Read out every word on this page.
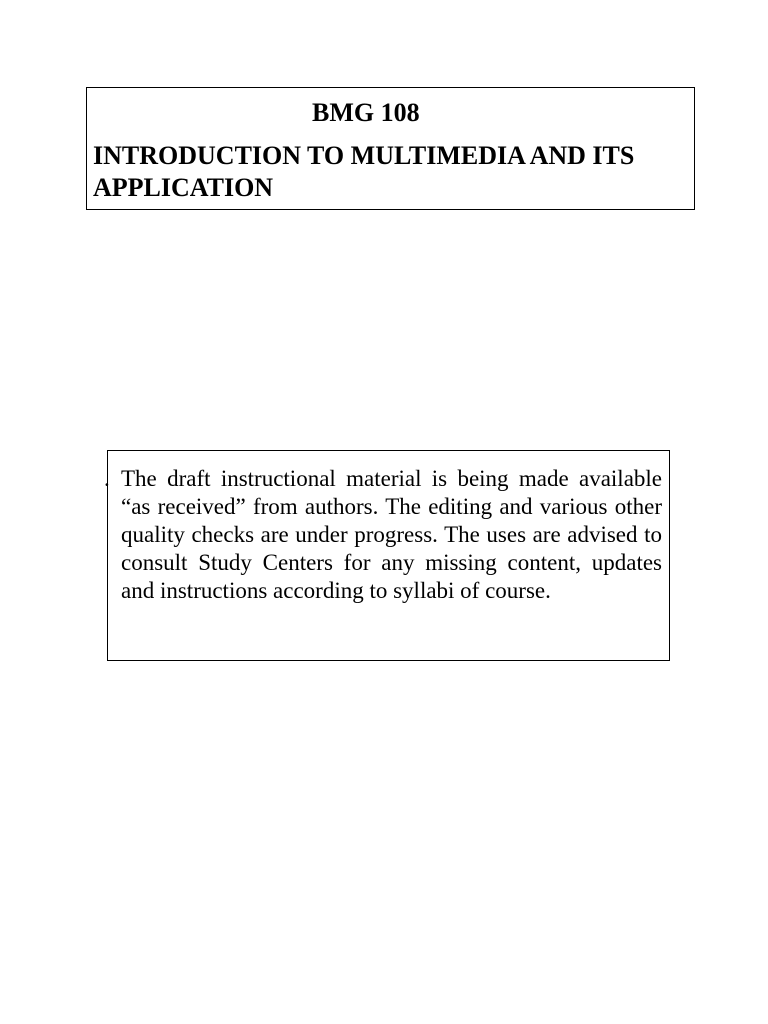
BMG 108
INTRODUCTION TO MULTIMEDIA AND ITS APPLICATION
. The draft instructional material is being made available “as received” from authors. The editing and various other quality checks are under progress. The uses are advised to consult Study Centers for any missing content, updates and instructions according to syllabi of course.
